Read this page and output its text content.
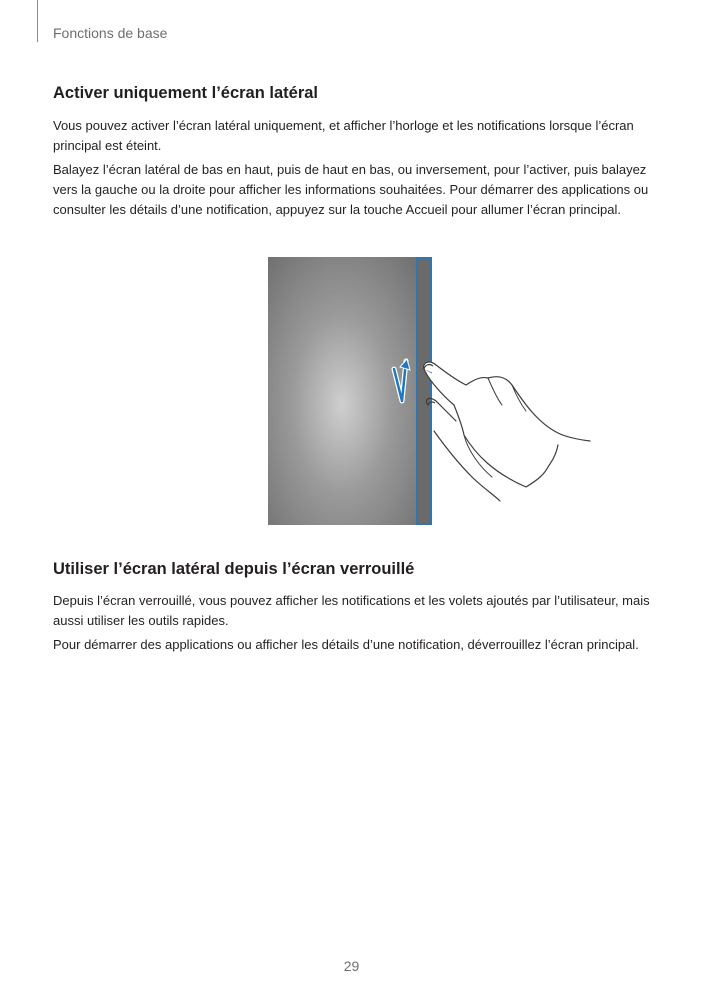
Fonctions de base
Activer uniquement l’écran latéral

Vous pouvez activer l’écran latéral uniquement, et afficher l’horloge et les notifications lorsque l’écran principal est éteint.

Balayez l’écran latéral de bas en haut, puis de haut en bas, ou inversement, pour l’activer, puis balayez vers la gauche ou la droite pour afficher les informations souhaitées. Pour démarrer des applications ou consulter les détails d’une notification, appuyez sur la touche Accueil pour allumer l’écran principal.

Utiliser l’écran latéral depuis l’écran verrouillé

Depuis l’écran verrouillé, vous pouvez afficher les notifications et les volets ajoutés par l’utilisateur, mais aussi utiliser les outils rapides.

Pour démarrer des applications ou afficher les détails d’une notification, déverrouillez l’écran principal.

29
